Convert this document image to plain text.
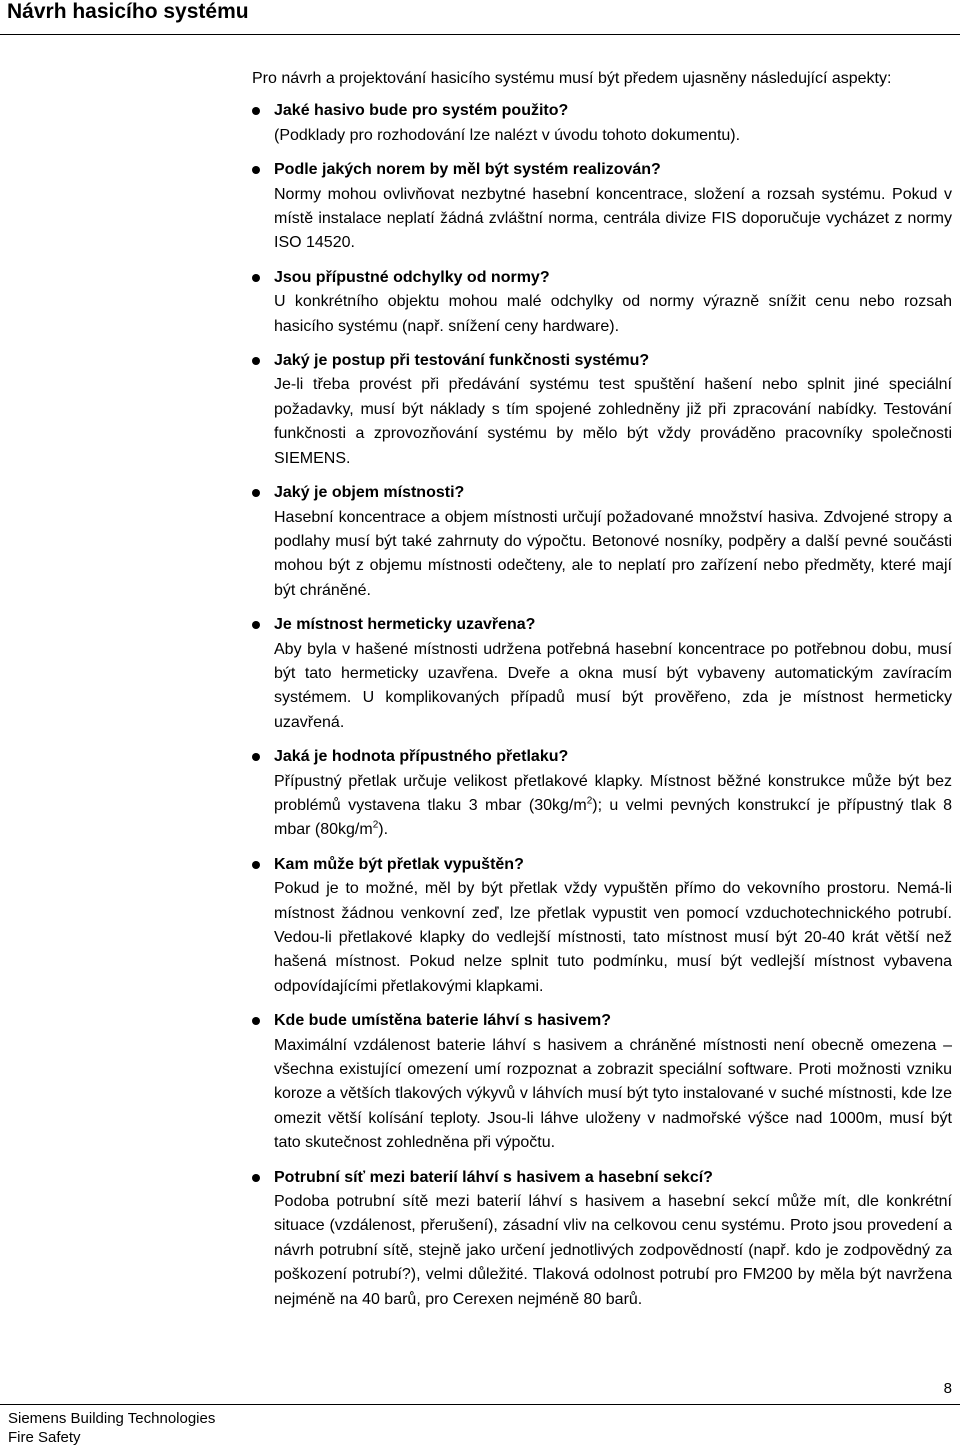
Návrh hasicího systému

Pro návrh a projektování hasicího systému musí být předem ujasněny následující aspekty:

Jaké hasivo bude pro systém použito?
(Podklady pro rozhodování lze nalézt v úvodu tohoto dokumentu).
Podle jakých norem by měl být systém realizován?
Normy mohou ovlivňovat nezbytné hasební koncentrace, složení a rozsah systému. Pokud v místě instalace neplatí žádná zvláštní norma, centrála divize FIS doporučuje vycházet z normy ISO 14520.
Jsou přípustné odchylky od normy?
U konkrétního objektu mohou malé odchylky od normy výrazně snížit cenu nebo rozsah hasicího systému (např. snížení ceny hardware).
Jaký je postup při testování funkčnosti systému?
Je-li třeba provést při předávání systému test spuštění hašení nebo splnit jiné speciální požadavky, musí být náklady s tím spojené zohledněny již při zpracování nabídky. Testování funkčnosti a zprovozňování systému by mělo být vždy prováděno pracovníky společnosti SIEMENS.
Jaký je objem místnosti?
Hasební koncentrace a objem místnosti určují požadované množství hasiva. Zdvojené stropy a podlahy musí být také zahrnuty do výpočtu. Betonové nosníky, podpěry a další pevné součásti mohou být z objemu místnosti odečteny, ale to neplatí pro zařízení nebo předměty, které mají být chráněné.
Je místnost hermeticky uzavřena?
Aby byla v hašené místnosti udržena potřebná hasební koncentrace po potřebnou dobu, musí být tato hermeticky uzavřena. Dveře a okna musí být vybaveny automatickým zavíracím systémem. U komplikovaných případů musí být prověřeno, zda je místnost hermeticky uzavřená.
Jaká je hodnota přípustného přetlaku?
Přípustný přetlak určuje velikost přetlakové klapky. Místnost běžné konstrukce může být bez problémů vystavena tlaku 3 mbar $(30kg/m^2)$; u velmi pevných konstrukcí je přípustný tlak 8 mbar $(80kg/m^2)$.
Kam může být přetlak vypuštěn?
Pokud je to možné, měl by být přetlak vždy vypuštěn přímo do vekovního prostoru. Nemá-li místnost žádnou venkovní zeď, lze přetlak vypustit ven pomocí vzduchotechnického potrubí. Vedou-li přetlakové klapky do vedlejší místnosti, tato místnost musí být 20-40 krát větší než hašená místnost. Pokud nelze splnit tuto podmínku, musí být vedlejší místnost vybavena odpovídajícími přetlakovými klapkami.
Kde bude umístěna baterie láhví s hasivem?
Maximální vzdálenost baterie láhví s hasivem a chráněné místnosti není obecně omezena – všechna existující omezení umí rozpoznat a zobrazit speciální software. Proti možnosti vzniku koroze a větších tlakových výkyvů v láhvích musí být tyto instalované v suché místnosti, kde lze omezit větší kolísání teploty. Jsou-li láhve uloženy v nadmořské výšce nad 1000m, musí být tato skutečnost zohledněna při výpočtu.
Potrubní síť mezi baterií láhví s hasivem a hasební sekcí?
Podoba potrubní sítě mezi baterií láhví s hasivem a hasební sekcí může mít, dle konkrétní situace (vzdálenost, přerušení), zásadní vliv na celkovou cenu systému. Proto jsou provedení a návrh potrubní sítě, stejně jako určení jednotlivých zodpovědností (např. kdo je zodpovědný za poškození potrubí?), velmi důležité. Tlaková odolnost potrubí pro FM200 by měla být navržena nejméně na 40 barů, pro Cerexen nejméně 80 barů.
8
Siemens Building Technologies
Fire Safety
